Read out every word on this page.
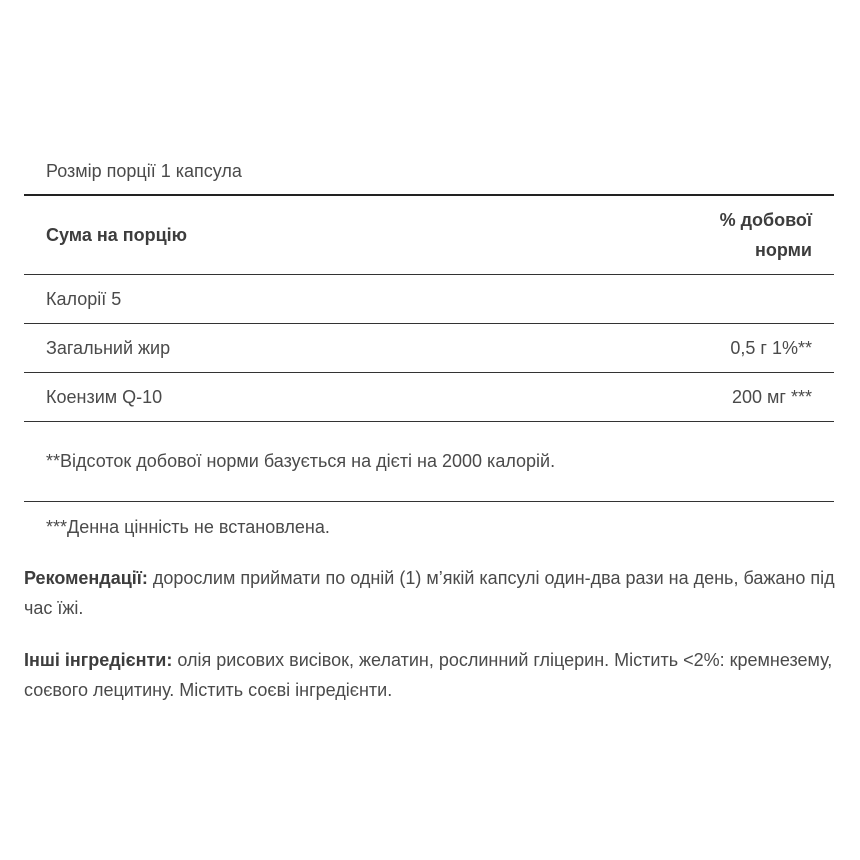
Розмір порції 1 капсула
Сума на порцію
% добової
норми
Калорії 5
Загальний жир	0,5 г 1%**
Коензим Q-10	200 мг ***
**Відсоток добової норми базується на дієті на 2000 калорій.
***Денна цінність не встановлена.
Рекомендації: дорослим приймати по одній (1) м’якій капсулі один-два рази на день, бажано під час їжі.
Інші інгредієнти: олія рисових висівок, желатин, рослинний гліцерин. Містить <2%: кремнезему, соєвого лецитину. Містить соєві інгредієнти.
